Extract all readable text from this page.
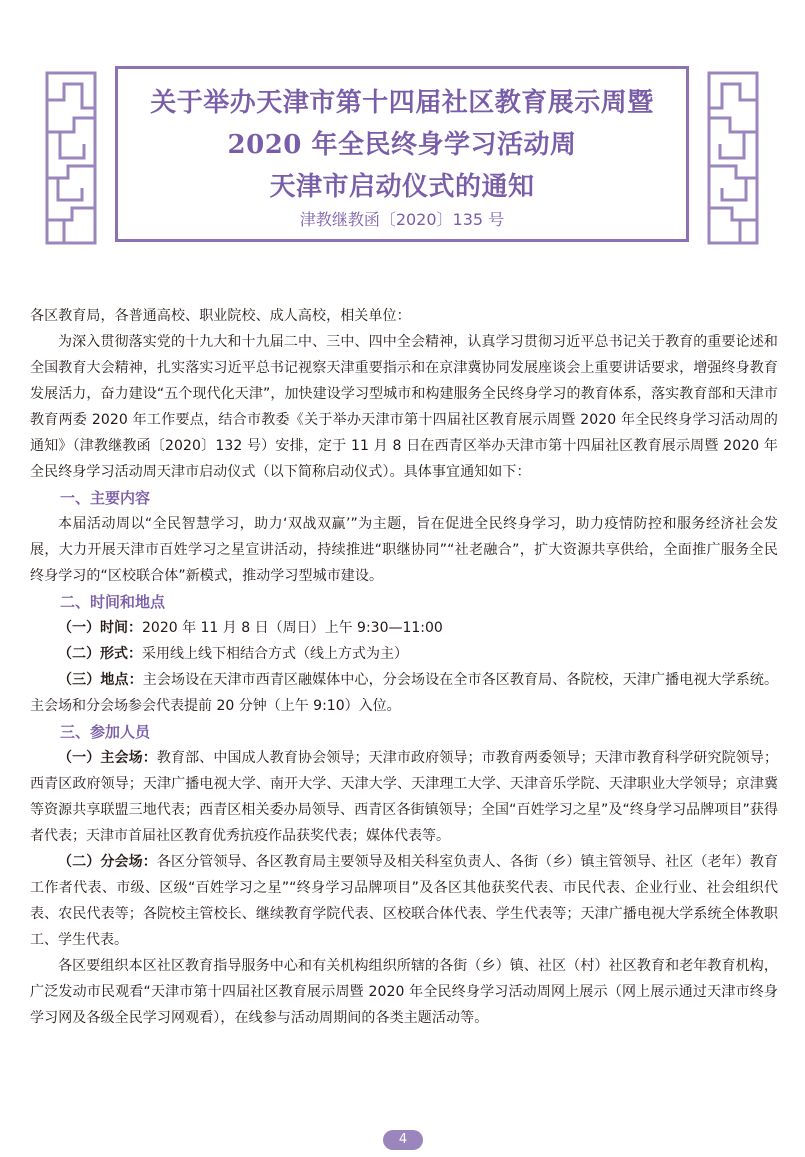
关于举办天津市第十四届社区教育展示周暨
2020 年全民终身学习活动周
天津市启动仪式的通知
津教继教函〔2020〕135 号

各区教育局，各普通高校、职业院校、成人高校，相关单位：

为深入贯彻落实党的十九大和十九届二中、三中、四中全会精神，认真学习贯彻习近平总书记关于教育的重要论述和全国教育大会精神，扎实落实习近平总书记视察天津重要指示和在京津冀协同发展座谈会上重要讲话要求，增强终身教育发展活力，奋力建设“五个现代化天津”，加快建设学习型城市和构建服务全民终身学习的教育体系，落实教育部和天津市教育两委 2020 年工作要点，结合市教委《关于举办天津市第十四届社区教育展示周暨 2020 年全民终身学习活动周的通知》（津教继教函〔2020〕132 号）安排，定于 11 月 8 日在西青区举办天津市第十四届社区教育展示周暨 2020 年全民终身学习活动周天津市启动仪式（以下简称启动仪式）。具体事宜通知如下：

一、主要内容

本届活动周以“全民智慧学习，助力‘双战双赢’”为主题，旨在促进全民终身学习，助力疫情防控和服务经济社会发展，大力开展天津市百姓学习之星宣讲活动，持续推进“职继协同”“社老融合”，扩大资源共享供给，全面推广服务全民终身学习的“区校联合体”新模式，推动学习型城市建设。

二、时间和地点

（一）时间：2020 年 11 月 8 日（周日）上午 9:30—11:00

（二）形式：采用线上线下相结合方式（线上方式为主）

（三）地点：主会场设在天津市西青区融媒体中心，分会场设在全市各区教育局、各院校，天津广播电视大学系统。主会场和分会场参会代表提前 20 分钟（上午 9:10）入位。

三、参加人员

（一）主会场：教育部、中国成人教育协会领导；天津市政府领导；市教育两委领导；天津市教育科学研究院领导；西青区政府领导；天津广播电视大学、南开大学、天津大学、天津理工大学、天津音乐学院、天津职业大学领导；京津冀等资源共享联盟三地代表；西青区相关委办局领导、西青区各街镇领导；全国“百姓学习之星”及“终身学习品牌项目”获得者代表；天津市首届社区教育优秀抗疫作品获奖代表；媒体代表等。

（二）分会场：各区分管领导、各区教育局主要领导及相关科室负责人、各街（乡）镇主管领导、社区（老年）教育工作者代表、市级、区级“百姓学习之星”“终身学习品牌项目”及各区其他获奖代表、市民代表、企业行业、社会组织代表、农民代表等；各院校主管校长、继续教育学院代表、区校联合体代表、学生代表等；天津广播电视大学系统全体教职工、学生代表。

各区要组织本区社区教育指导服务中心和有关机构组织所辖的各街（乡）镇、社区（村）社区教育和老年教育机构，广泛发动市民观看“天津市第十四届社区教育展示周暨 2020 年全民终身学习活动周网上展示（网上展示通过天津市终身学习网及各级全民学习网观看），在线参与活动周期间的各类主题活动等。

4
